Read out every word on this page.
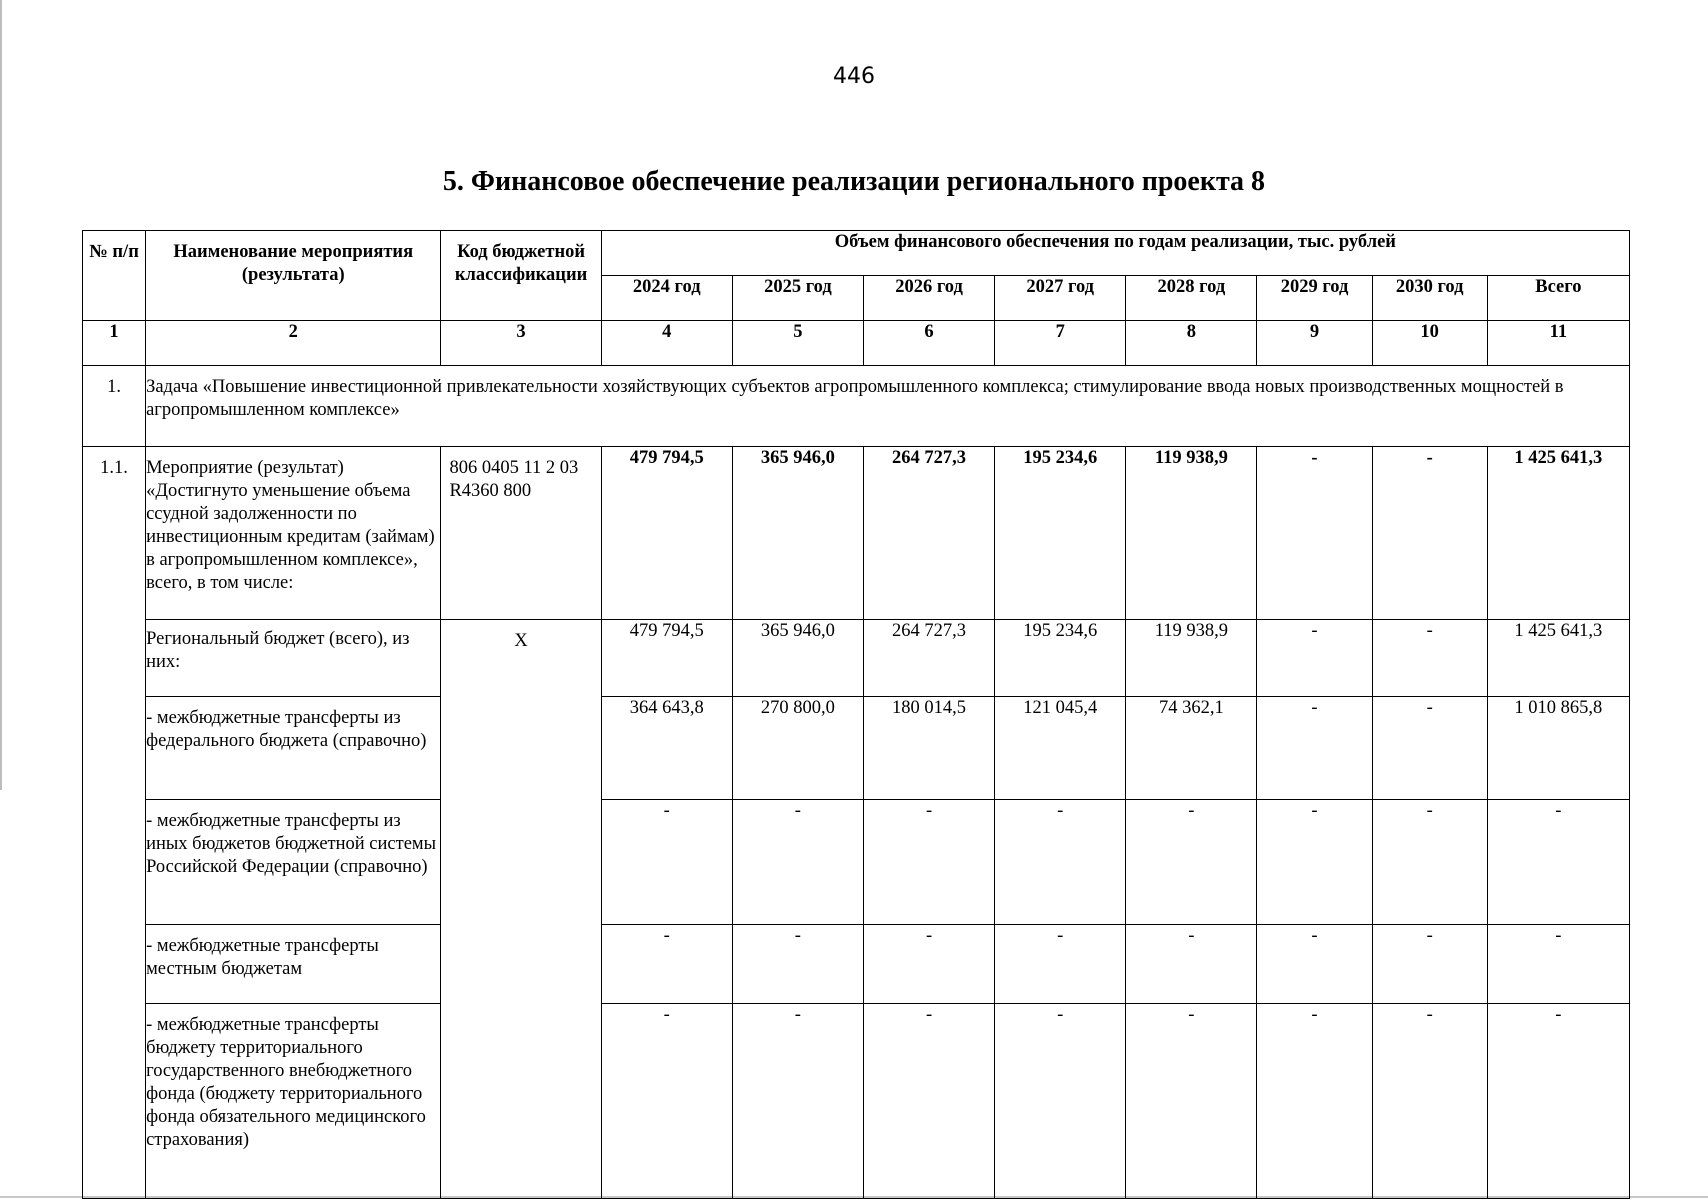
446
5. Финансовое обеспечение реализации регионального проекта 8
№ п/п	Наименование мероприятия (результата)	Код бюджетной классификации	Объем финансового обеспечения по годам реализации, тыс. рублей							
			2024 год	2025 год	2026 год	2027 год	2028 год	2029 год	2030 год	Всего
1	2	3	4	5	6	7	8	9	10	11
1.	Задача «Повышение инвестиционной привлекательности хозяйствующих субъектов агропромышленного комплекса; стимулирование ввода новых производственных мощностей в агропромышленном комплексе»									
1.1.	Мероприятие (результат) «Достигнуто уменьшение объема ссудной задолженности по инвестиционным кредитам (займам) в агропромышленном комплексе», всего, в том числе:	806 0405 11 2 03 R4360 800	479 794,5	365 946,0	264 727,3	195 234,6	119 938,9	-	-	1 425 641,3
	Региональный бюджет (всего), из них:	X	479 794,5	365 946,0	264 727,3	195 234,6	119 938,9	-	-	1 425 641,3
	- межбюджетные трансферты из федерального бюджета (справочно)		364 643,8	270 800,0	180 014,5	121 045,4	74 362,1	-	-	1 010 865,8
	- межбюджетные трансферты из иных бюджетов бюджетной системы Российской Федерации (справочно)		-	-	-	-	-	-	-	-
	- межбюджетные трансферты местным бюджетам		-	-	-	-	-	-	-	-
	- межбюджетные трансферты бюджету территориального государственного внебюджетного фонда (бюджету территориального фонда обязательного медицинского страхования)		-	-	-	-	-	-	-	-
